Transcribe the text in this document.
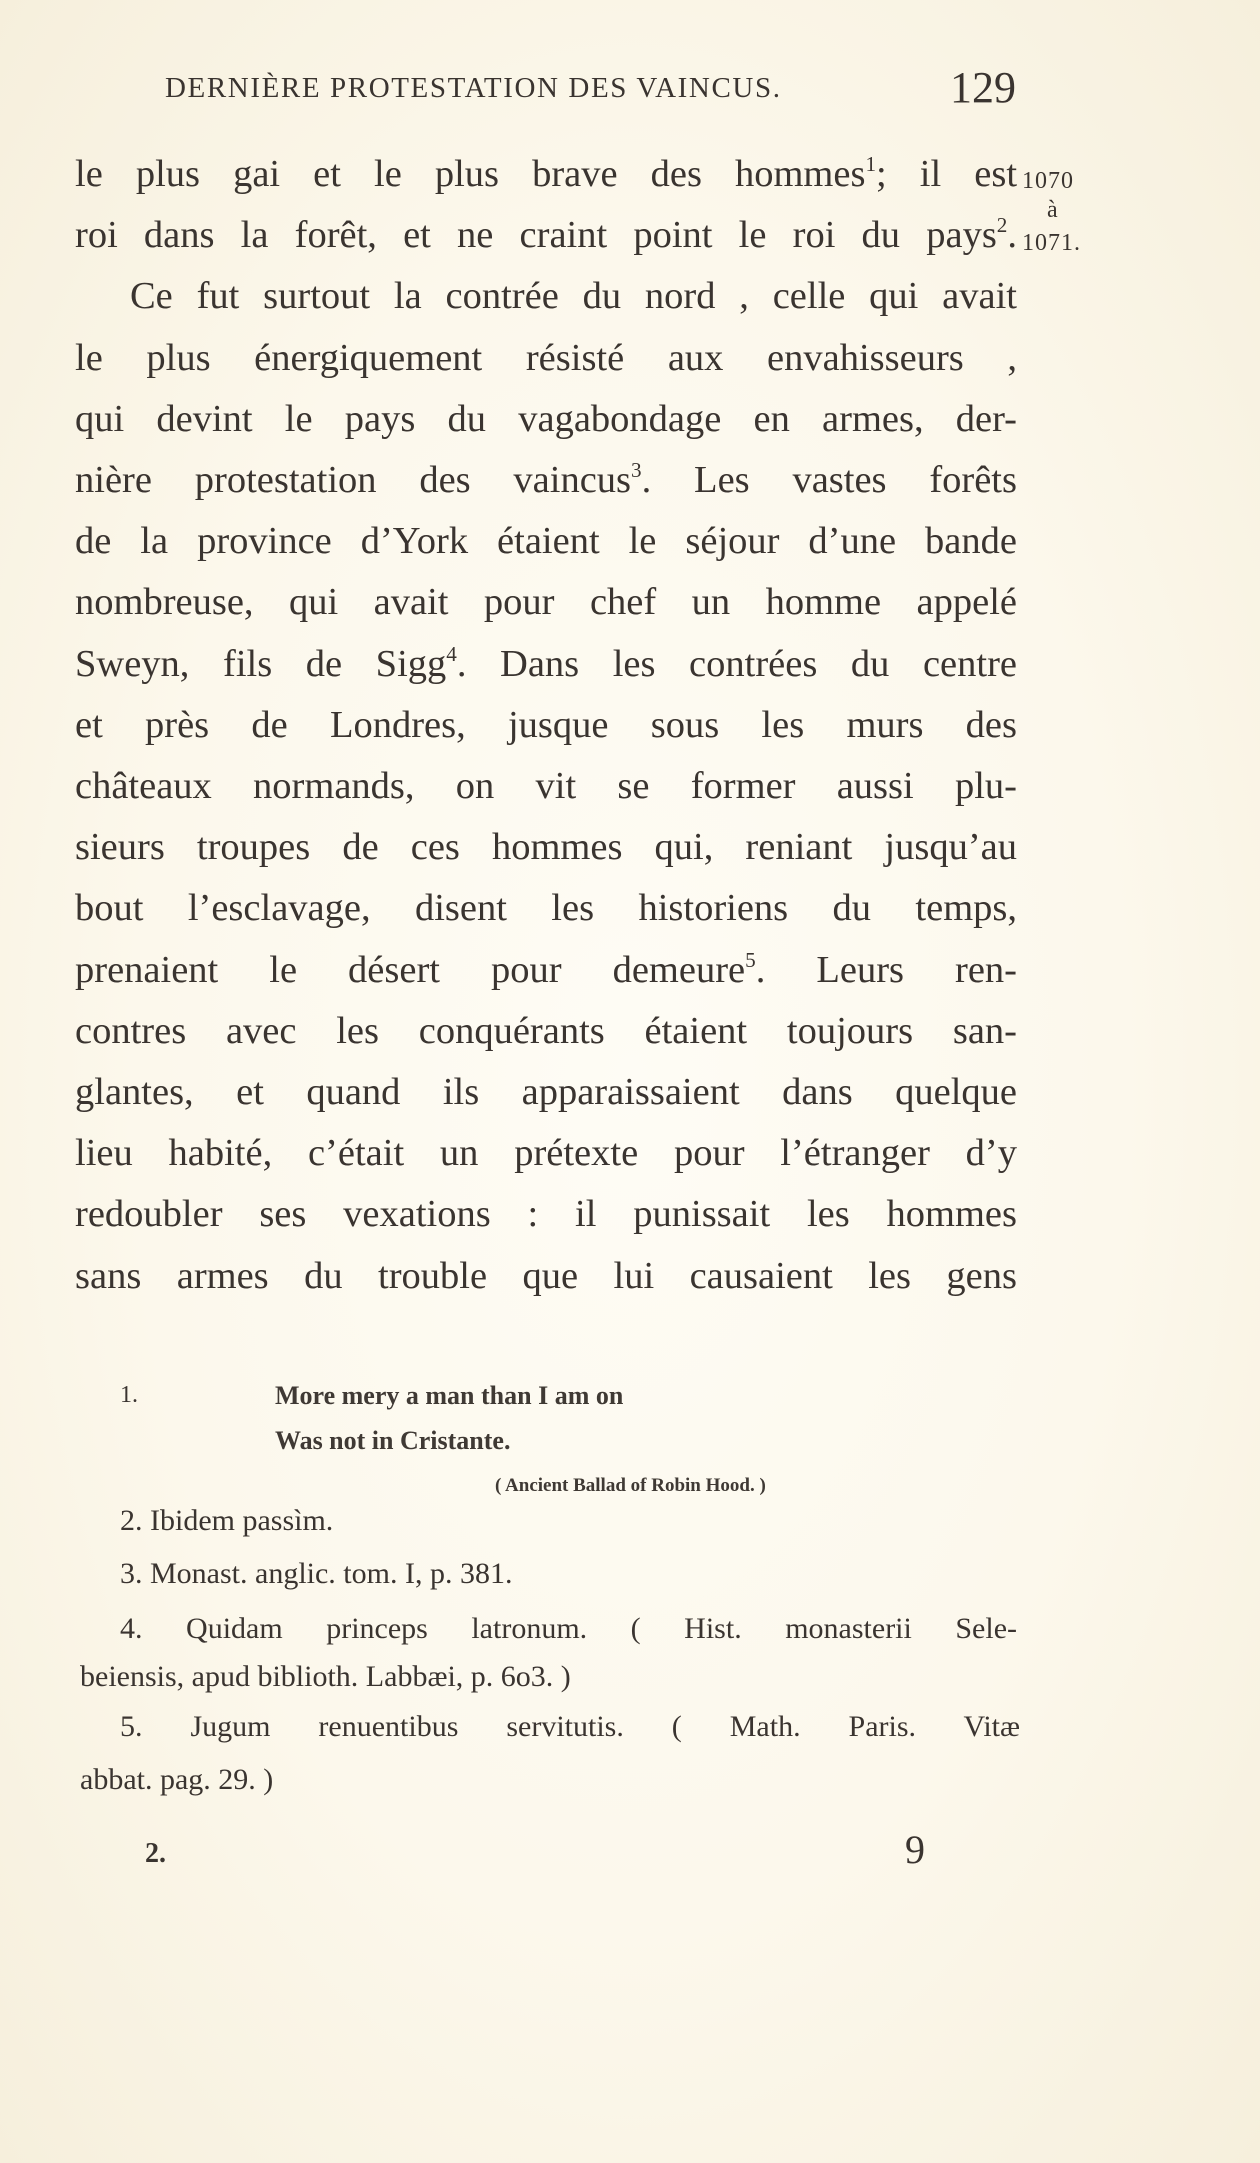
DERNIÈRE PROTESTATION DES VAINCUS.	129
1070
à
1071.
le plus gai et le plus brave des hommes$^1$; il est
roi dans la forêt, et ne craint point le roi du pays$^2$.
Ce fut surtout la contrée du nord , celle qui avait
le plus énergiquement résisté aux envahisseurs ,
qui devint le pays du vagabondage en armes, der-
nière protestation des vaincus$^3$. Les vastes forêts
de la province d’York étaient le séjour d’une bande
nombreuse, qui avait pour chef un homme appelé
Sweyn, fils de Sigg$^4$. Dans les contrées du centre
et près de Londres, jusque sous les murs des
châteaux normands, on vit se former aussi plu-
sieurs troupes de ces hommes qui, reniant jusqu’au
bout l’esclavage, disent les historiens du temps,
prenaient le désert pour demeure$^5$. Leurs ren-
contres avec les conquérants étaient toujours san-
glantes, et quand ils apparaissaient dans quelque
lieu habité, c’était un prétexte pour l’étranger d’y
redoubler ses vexations : il punissait les hommes
sans armes du trouble que lui causaient les gens
1.	More mery a man than I am on
Was not in Cristante.
( Ancient Ballad of Robin Hood. )
2. Ibidem passìm.
3. Monast. anglic. tom. I, p. 381.
4. Quidam princeps latronum. ( Hist. monasterii Sele-
beiensis, apud biblioth. Labbæi, p. 6o3. )
5. Jugum renuentibus servitutis. ( Math. Paris. Vitæ
abbat. pag. 29. )
2.	9
